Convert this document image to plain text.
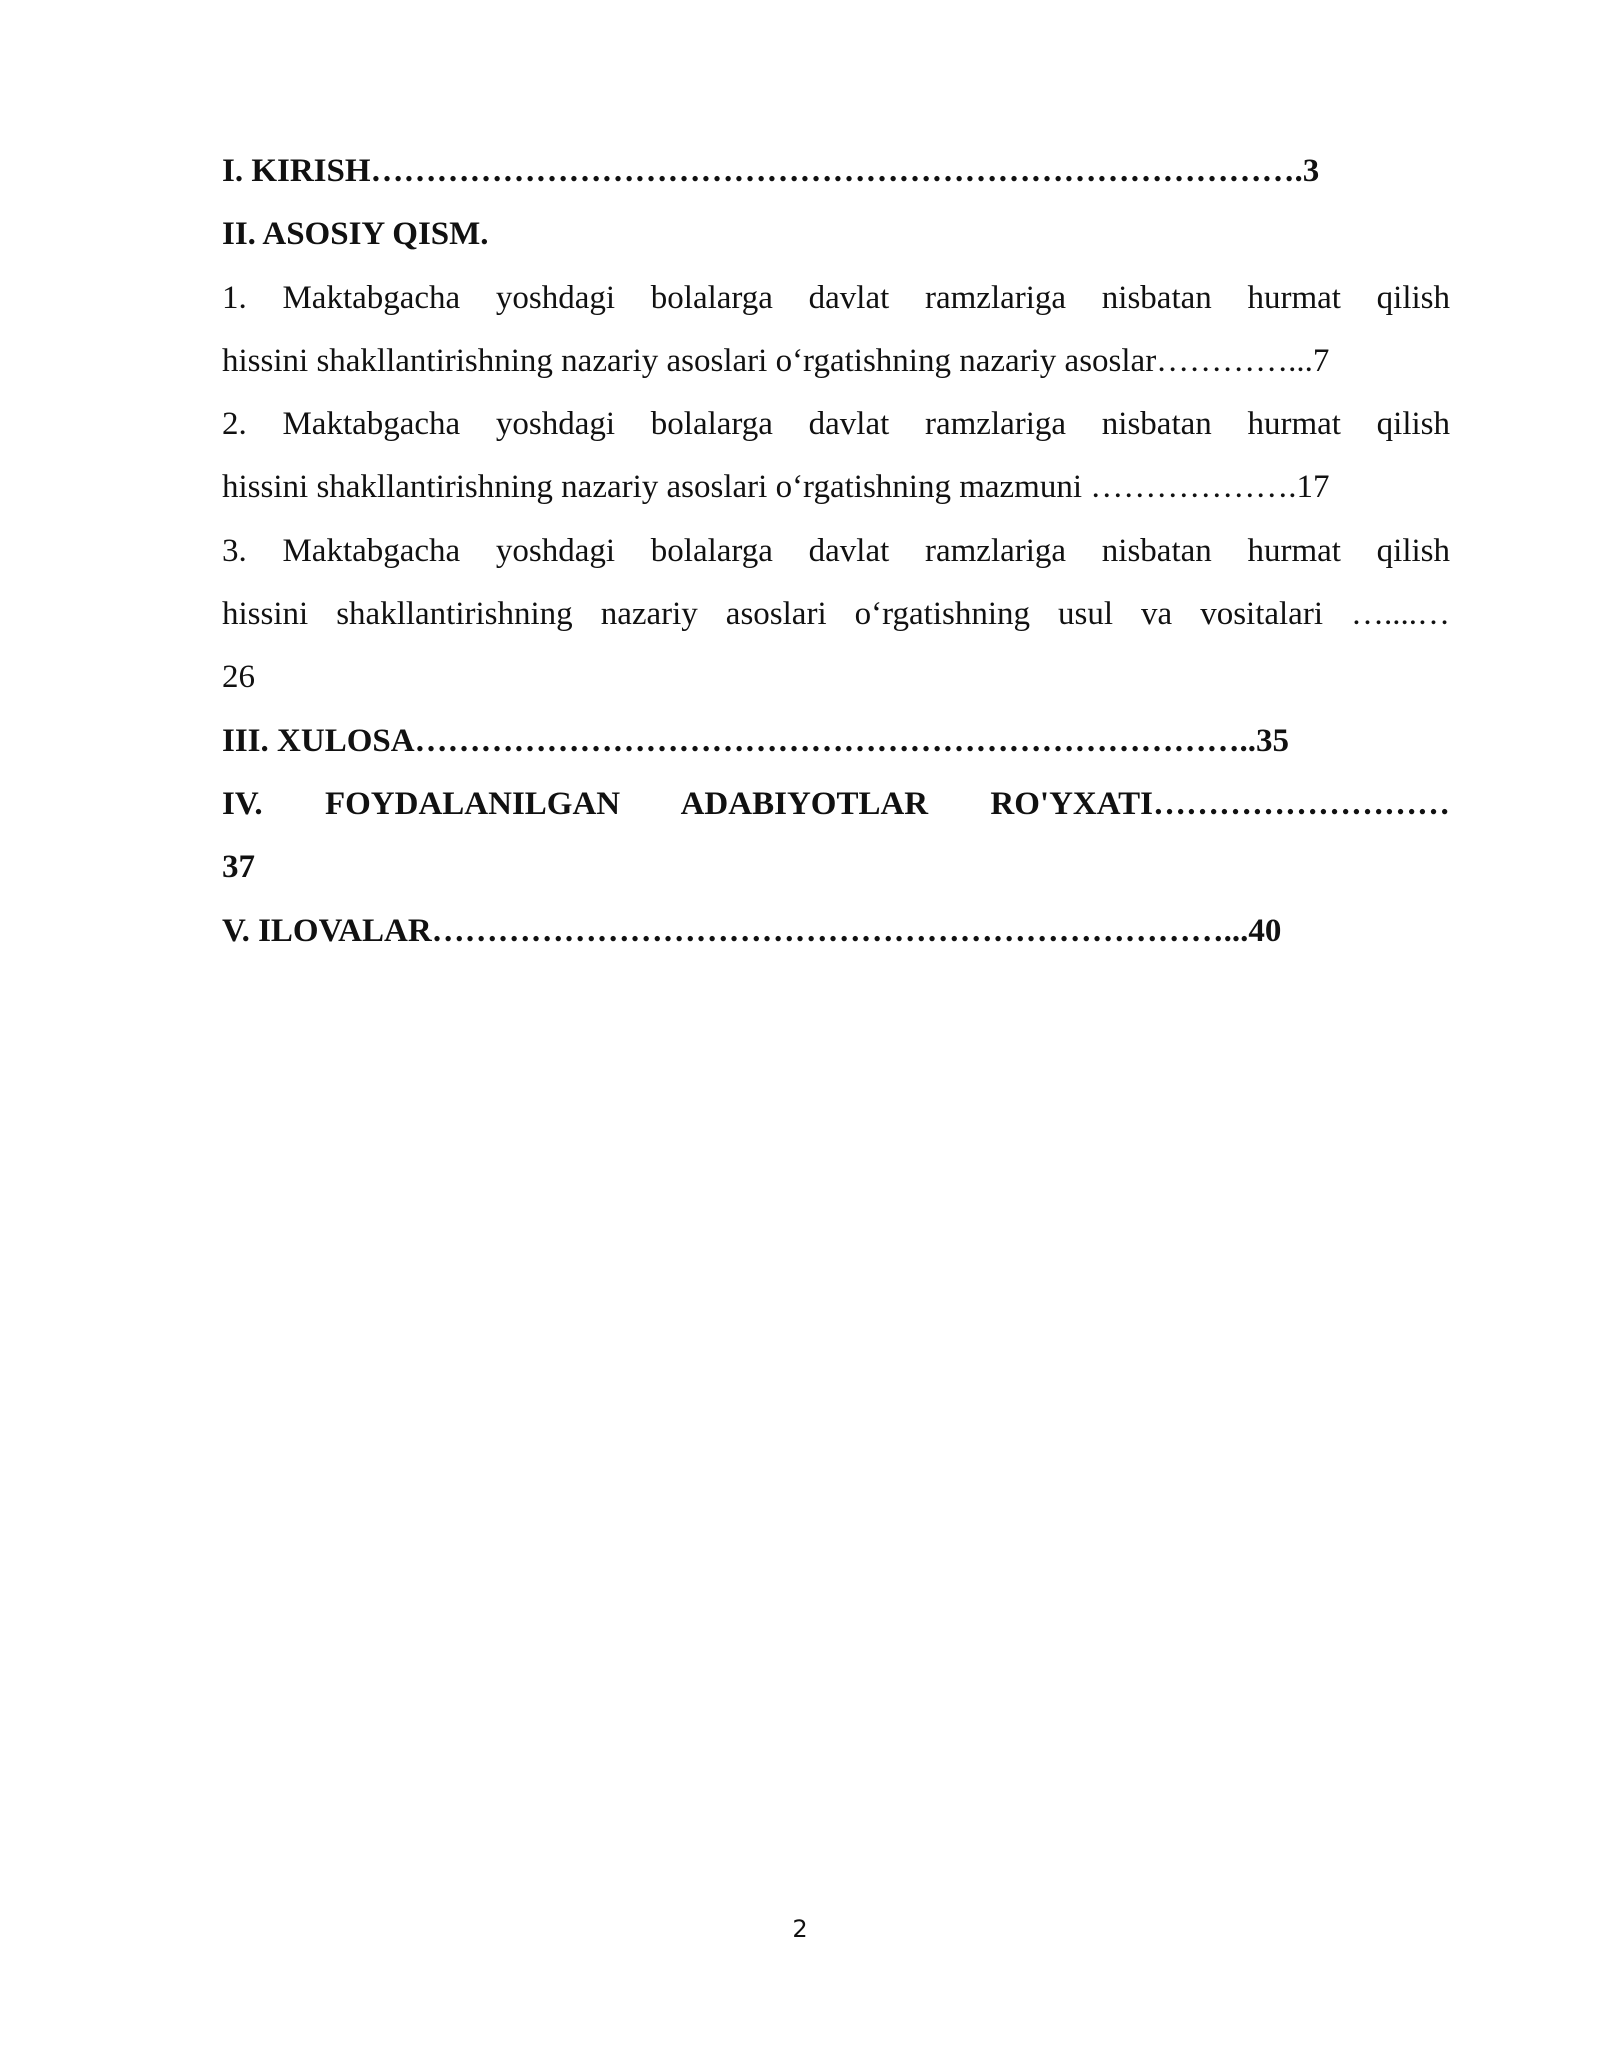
I. KIRISH………………………………………………………………………….3
II. ASOSIY QISM.
1. Maktabgacha yoshdagi bolalarga davlat ramzlariga nisbatan hurmat qilish
hissini shakllantirishning nazariy asoslari o‘rgatishning nazariy asoslar…………...7
2. Maktabgacha yoshdagi bolalarga davlat ramzlariga nisbatan hurmat qilish
hissini shakllantirishning nazariy asoslari o‘rgatishning mazmuni ……………….17
3. Maktabgacha yoshdagi bolalarga davlat ramzlariga nisbatan hurmat qilish
hissini shakllantirishning nazariy asoslari o‘rgatishning usul va vositalari …....…
26
III. XULOSA…………………………………………………………………..35
IV. FOYDALANILGAN ADABIYOTLAR RO'YXATI………………………
37
V. ILOVALAR………………………………………………………………...40
2
